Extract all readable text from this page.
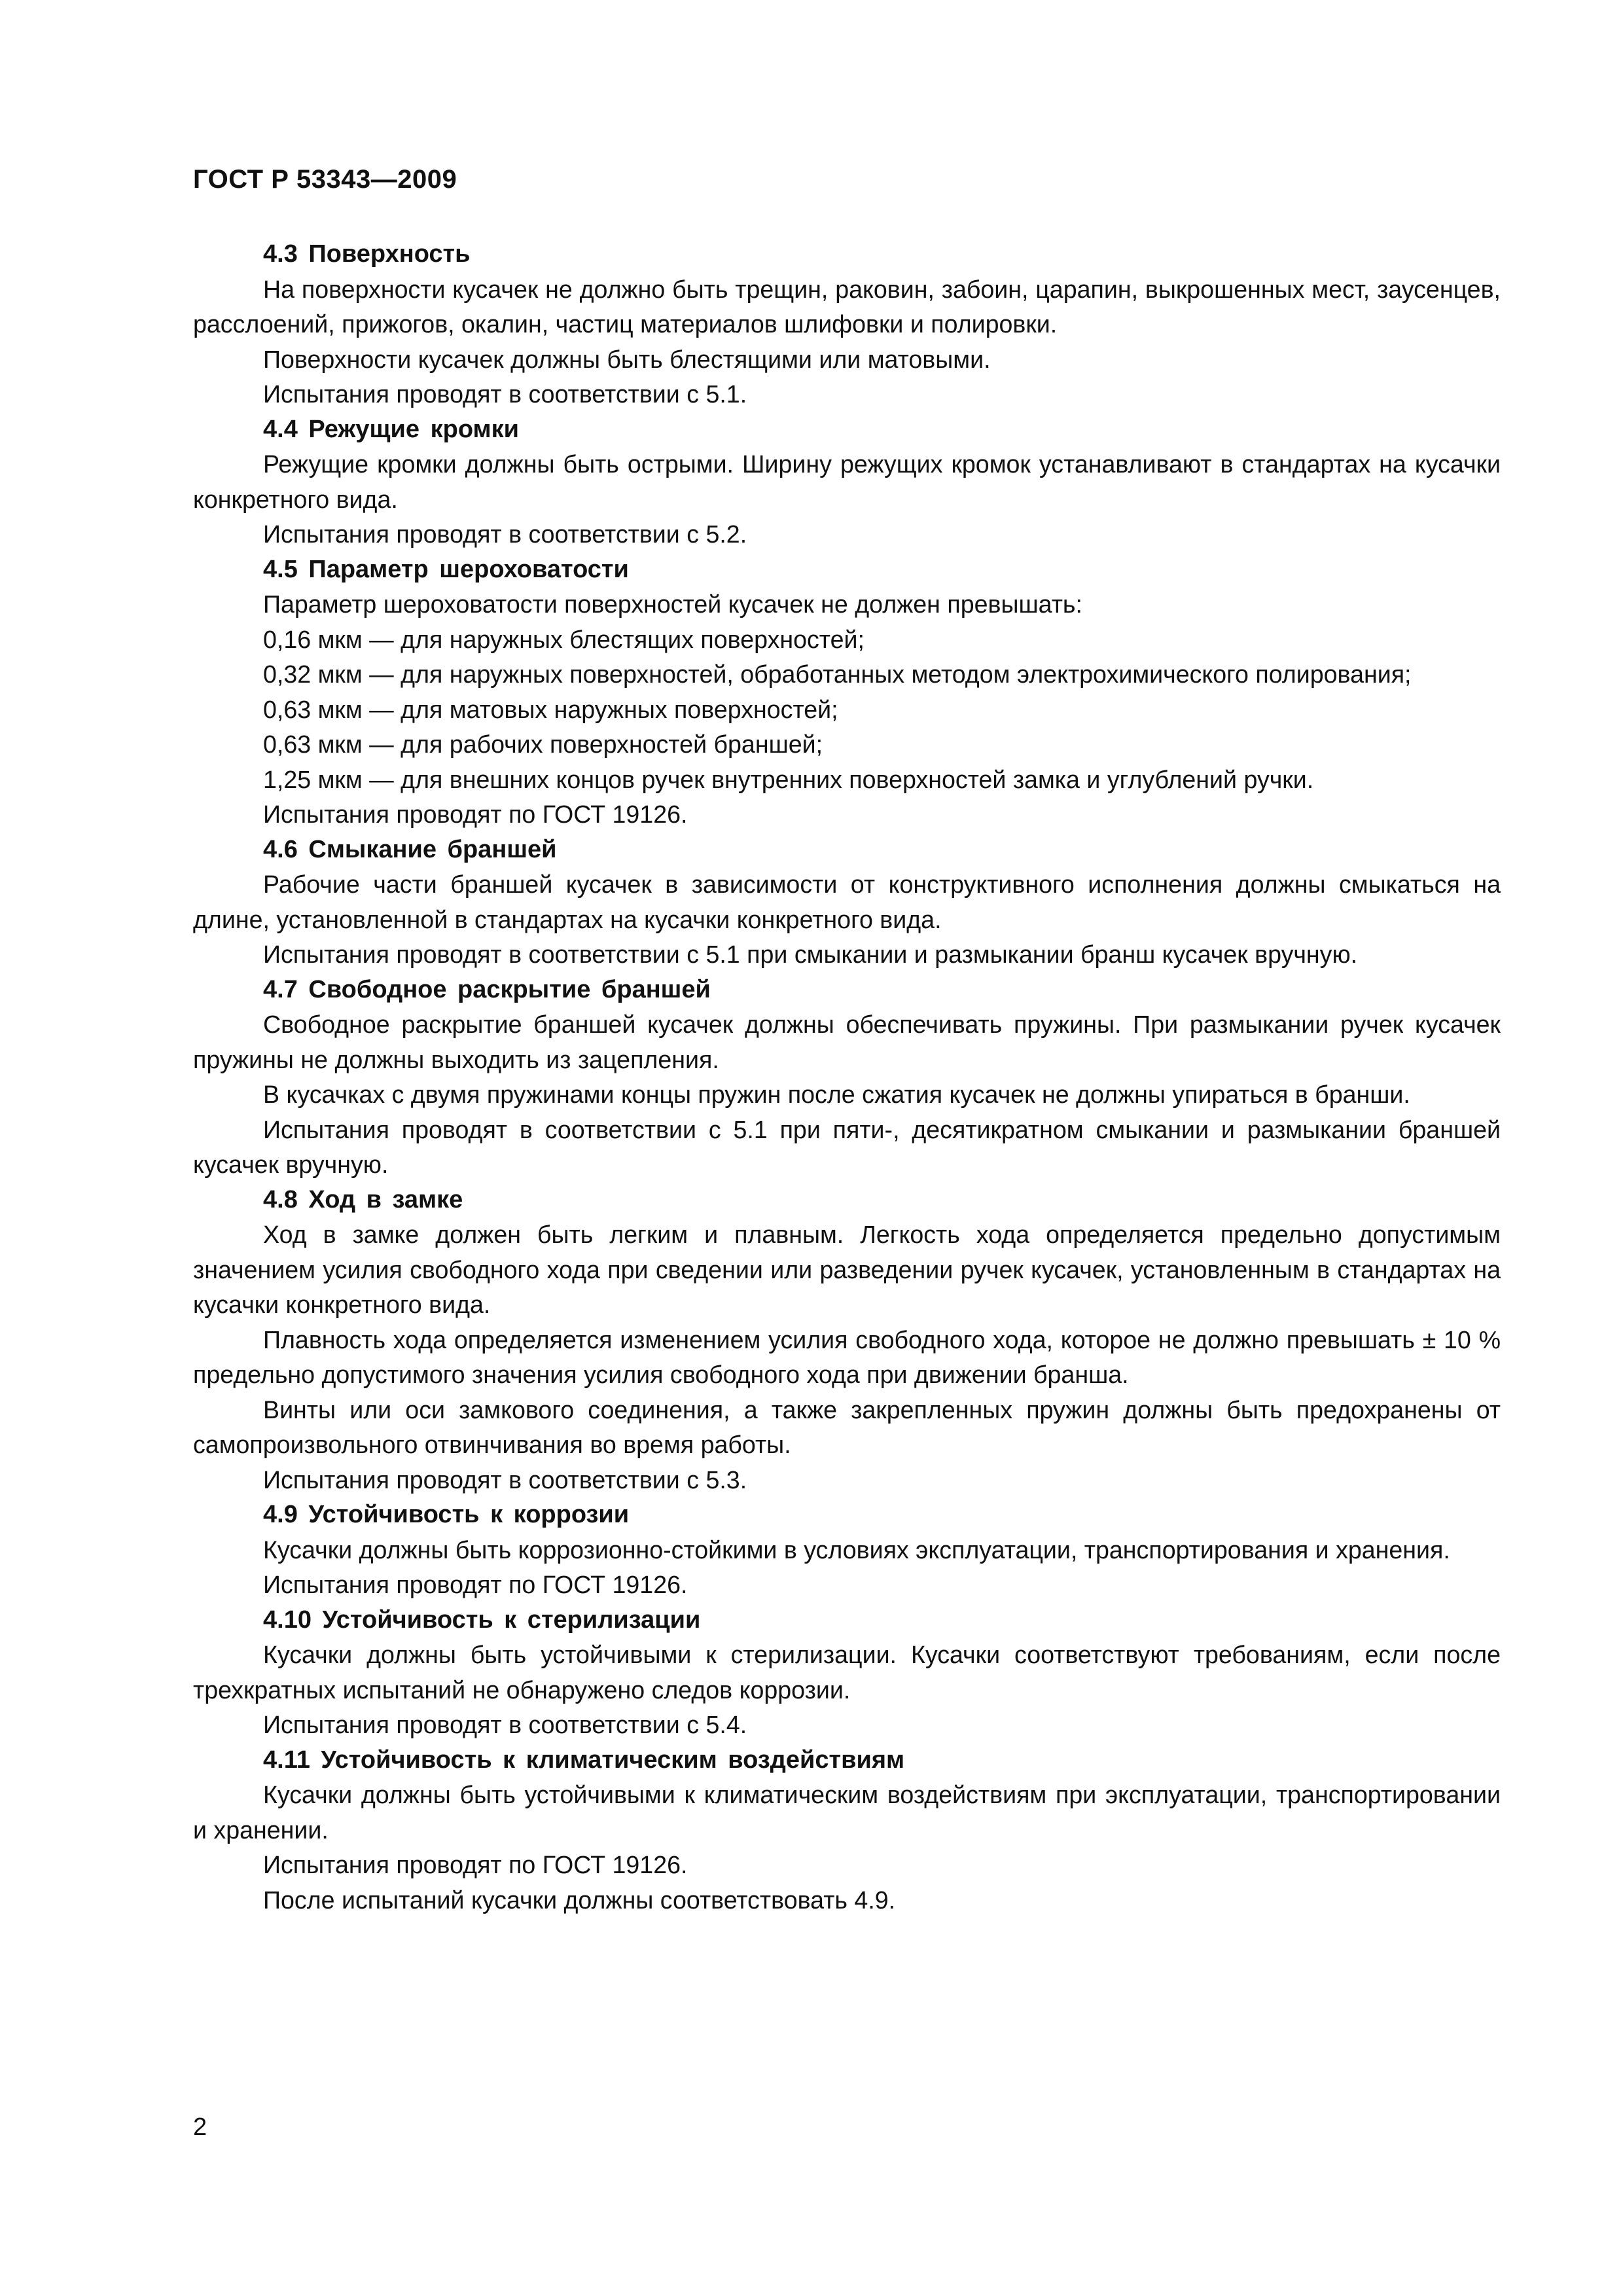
ГОСТ Р 53343—2009
4.3 Поверхность

На поверхности кусачек не должно быть трещин, раковин, забоин, царапин, выкрошенных мест, заусенцев, расслоений, прижогов, окалин, частиц материалов шлифовки и полировки.

Поверхности кусачек должны быть блестящими или матовыми.

Испытания проводят в соответствии с 5.1.

4.4 Режущие кромки

Режущие кромки должны быть острыми. Ширину режущих кромок устанавливают в стандартах на кусачки конкретного вида.

Испытания проводят в соответствии с 5.2.

4.5 Параметр шероховатости

Параметр шероховатости поверхностей кусачек не должен превышать:

0,16 мкм — для наружных блестящих поверхностей;

0,32 мкм — для наружных поверхностей, обработанных методом электрохимического полирования;

0,63 мкм — для матовых наружных поверхностей;

0,63 мкм — для рабочих поверхностей браншей;

1,25 мкм — для внешних концов ручек внутренних поверхностей замка и углублений ручки.

Испытания проводят по ГОСТ 19126.

4.6 Смыкание браншей

Рабочие части браншей кусачек в зависимости от конструктивного исполнения должны смыкаться на длине, установленной в стандартах на кусачки конкретного вида.

Испытания проводят в соответствии с 5.1 при смыкании и размыкании бранш кусачек вручную.

4.7 Свободное раскрытие браншей

Свободное раскрытие браншей кусачек должны обеспечивать пружины. При размыкании ручек кусачек пружины не должны выходить из зацепления.

В кусачках с двумя пружинами концы пружин после сжатия кусачек не должны упираться в бранши.

Испытания проводят в соответствии с 5.1 при пяти-, десятикратном смыкании и размыкании браншей кусачек вручную.

4.8 Ход в замке

Ход в замке должен быть легким и плавным. Легкость хода определяется предельно допустимым значением усилия свободного хода при сведении или разведении ручек кусачек, установленным в стандартах на кусачки конкретного вида.

Плавность хода определяется изменением усилия свободного хода, которое не должно превышать ± 10 % предельно допустимого значения усилия свободного хода при движении бранша.

Винты или оси замкового соединения, а также закрепленных пружин должны быть предохранены от самопроизвольного отвинчивания во время работы.

Испытания проводят в соответствии с 5.3.

4.9 Устойчивость к коррозии

Кусачки должны быть коррозионно-стойкими в условиях эксплуатации, транспортирования и хранения.

Испытания проводят по ГОСТ 19126.

4.10 Устойчивость к стерилизации

Кусачки должны быть устойчивыми к стерилизации. Кусачки соответствуют требованиям, если после трехкратных испытаний не обнаружено следов коррозии.

Испытания проводят в соответствии с 5.4.

4.11 Устойчивость к климатическим воздействиям

Кусачки должны быть устойчивыми к климатическим воздействиям при эксплуатации, транспортировании и хранении.

Испытания проводят по ГОСТ 19126.

После испытаний кусачки должны соответствовать 4.9.

2
